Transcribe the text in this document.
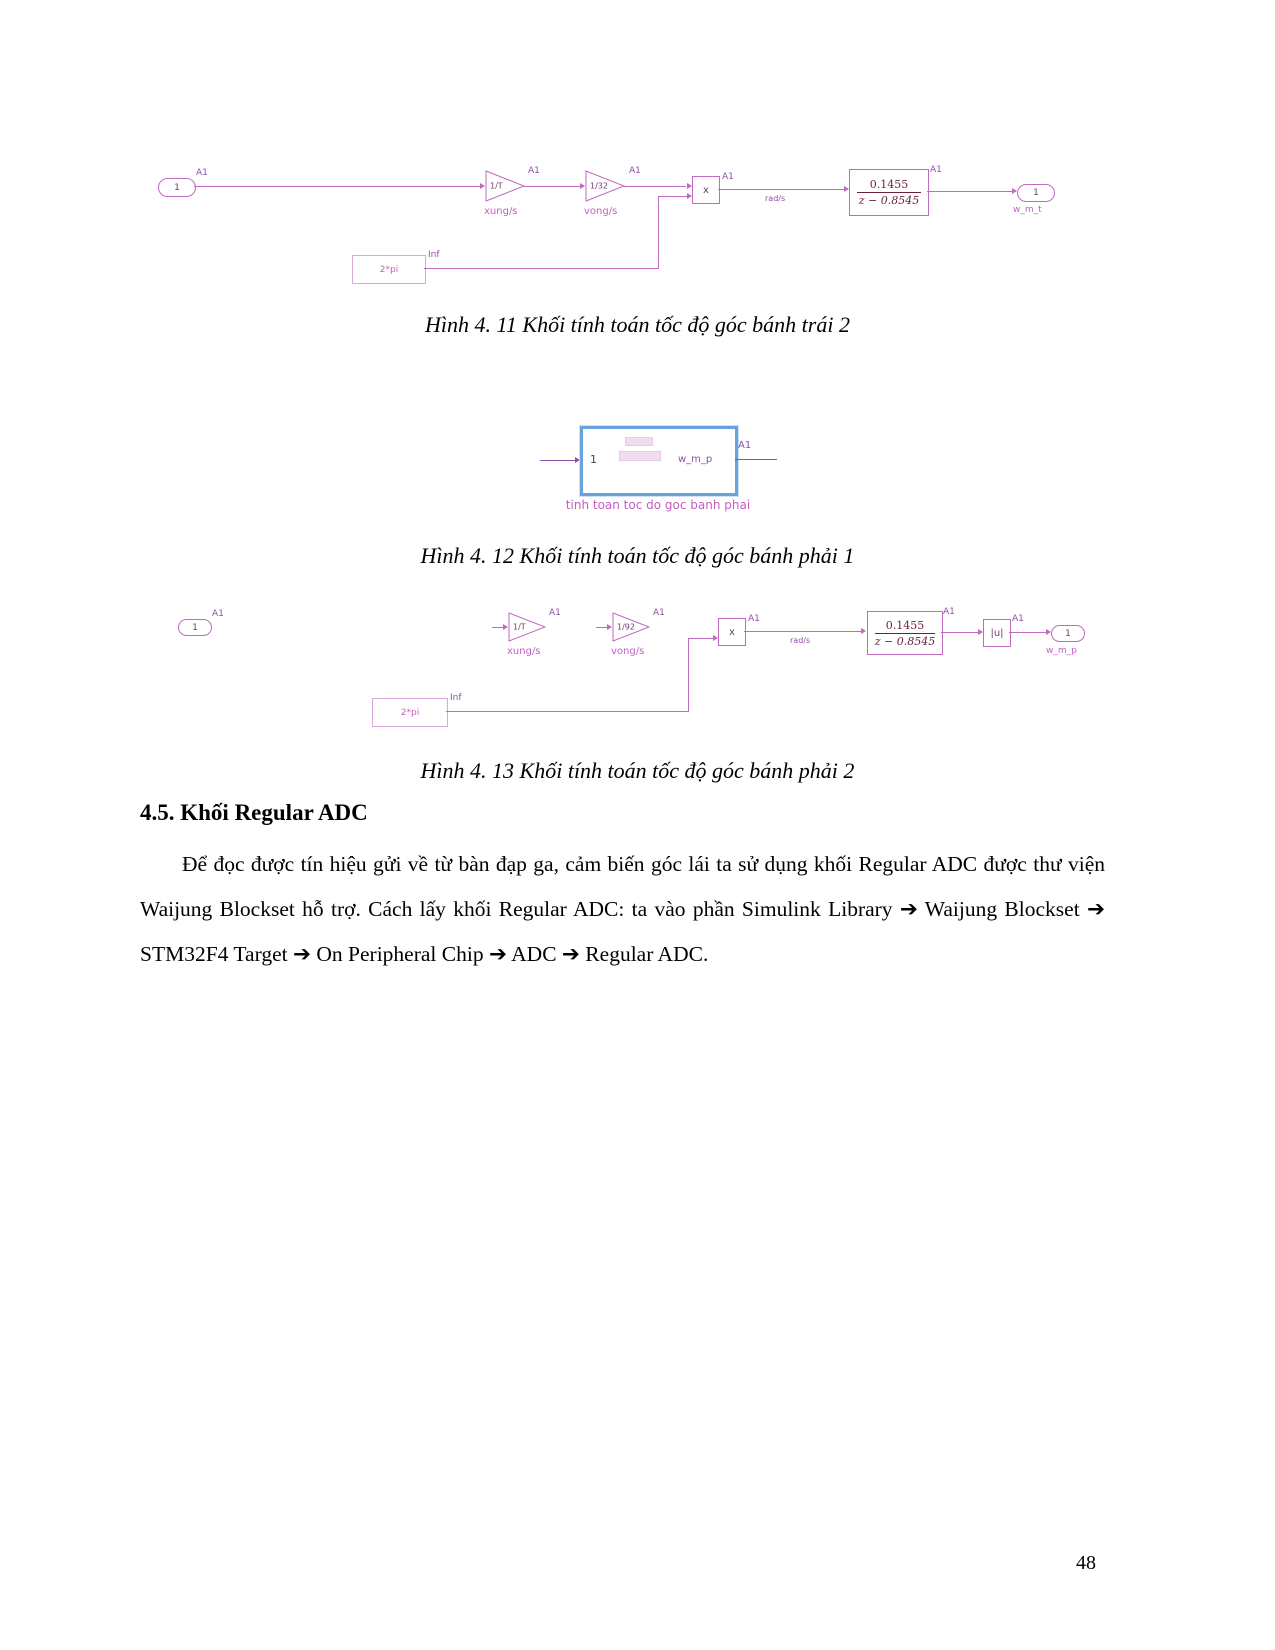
1
A1
1/T
A1
xung/s
1/32
A1
vong/s
x
A1
rad/s
0.1455
z − 0.8545
A1
1
w_m_t
2*pi
Inf
Hình 4. 11 Khối tính toán tốc độ góc bánh trái 2
1	w_m_p
A1
tinh toan toc do goc banh phai
Hình 4. 12 Khối tính toán tốc độ góc bánh phải 1
1
A1
1/T
A1
xung/s
1/92
A1
vong/s
x
A1
rad/s
0.1455
z − 0.8545
A1
|u|
A1
1
w_m_p
2*pi
Inf
Hình 4. 13 Khối tính toán tốc độ góc bánh phải 2
4.5. Khối Regular ADC
Để đọc được tín hiệu gửi về từ bàn đạp ga, cảm biến góc lái ta sử dụng khối Regular ADC được thư viện Waijung Blockset hỗ trợ. Cách lấy khối Regular ADC: ta vào phần Simulink Library ➔ Waijung Blockset ➔ STM32F4 Target ➔ On Peripheral Chip ➔ ADC ➔ Regular ADC.
48
